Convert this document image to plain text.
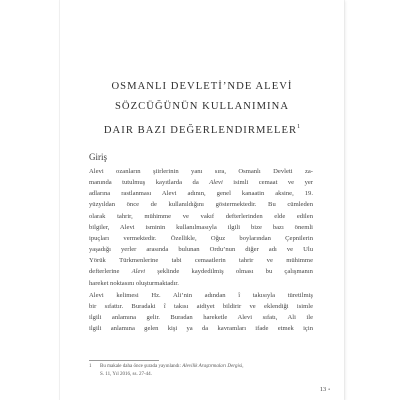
OSMANLI DEVLETİ’NDE ALEVİ
SÖZCÜĞÜNÜN KULLANIMINA
DAIR BAZI DEĞERLENDIRMELER$^1$
Giriş
Alevi ozanların şiirlerinin yanı sıra, Osmanlı Devleti za-
manında tutulmuş kayıtlarda da Alevi isimli cemaat ve yer
adlarına rastlanması Alevi adının, genel kanaatin aksine, 19.
yüzyıldan önce de kullanıldığını göstermektedir. Bu cümleden
olarak tahrir, mühimme ve vakıf defterlerinden elde edilen
bilgiler, Alevi isminin kullanılmasıyla ilgili bize bazı önemli
ipuçları vermektedir. Özellikle, Oğuz boylarından Çepnilerin
yaşadığı yerler arasında bulunan Ordu’nun diğer adı ve Ulu
Yörük Türkmenlerine tabi cemaatlerin tahrir ve mühimme
defterlerine Alevi şeklinde kaydedilmiş olması bu çalışmanın
hareket noktasını oluşturmaktadır.
Alevi kelimesi Hz. Ali’nin adından î takısıyla türetilmiş
bir sıfattır. Buradaki î takısı aidiyet bildirir ve eklendiği isimle
ilgili anlamına gelir. Buradan hareketle Alevi sıfatı, Ali ile
ilgili anlamına gelen kişi ya da kavramları ifade etmek için
1 Bu makale daha önce şurada yayınlandı: Alevilik Araştırmaları Dergisi,
S. 11, Yıl 2016, ss. 27-44.
13 •
